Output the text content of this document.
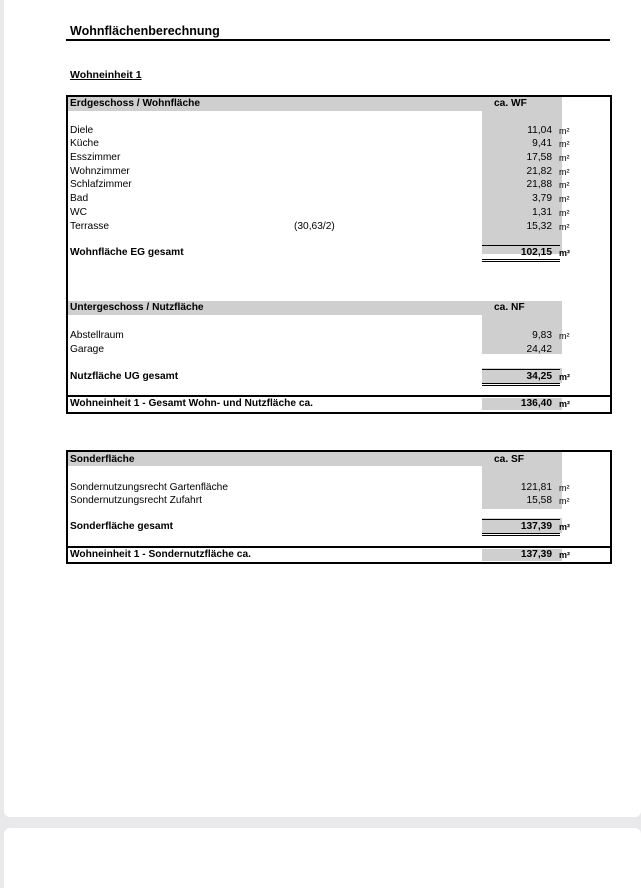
Wohnflächenberechnung
Wohneinheit 1
Erdgeschoss / Wohnfläche	ca. WF
Diele	11,04 m²
Küche	9,41 m²
Esszimmer	17,58 m²
Wohnzimmer	21,82 m²
Schlafzimmer	21,88 m²
Bad	3,79 m²
WC	1,31 m²
Terrasse	(30,63/2)	15,32 m²
Wohnfläche EG gesamt	102,15 m²
Untergeschoss / Nutzfläche	ca. NF
Abstellraum	9,83 m²
Garage	24,42
Nutzfläche UG gesamt	34,25 m²
Wohneinheit 1 - Gesamt Wohn- und Nutzfläche ca.	136,40 m²
Sonderfläche	ca. SF
Sondernutzungsrecht Gartenfläche	121,81 m²
Sondernutzungsrecht Zufahrt	15,58 m²
Sonderfläche gesamt	137,39 m²
Wohneinheit 1 - Sondernutzfläche ca.	137,39 m²
